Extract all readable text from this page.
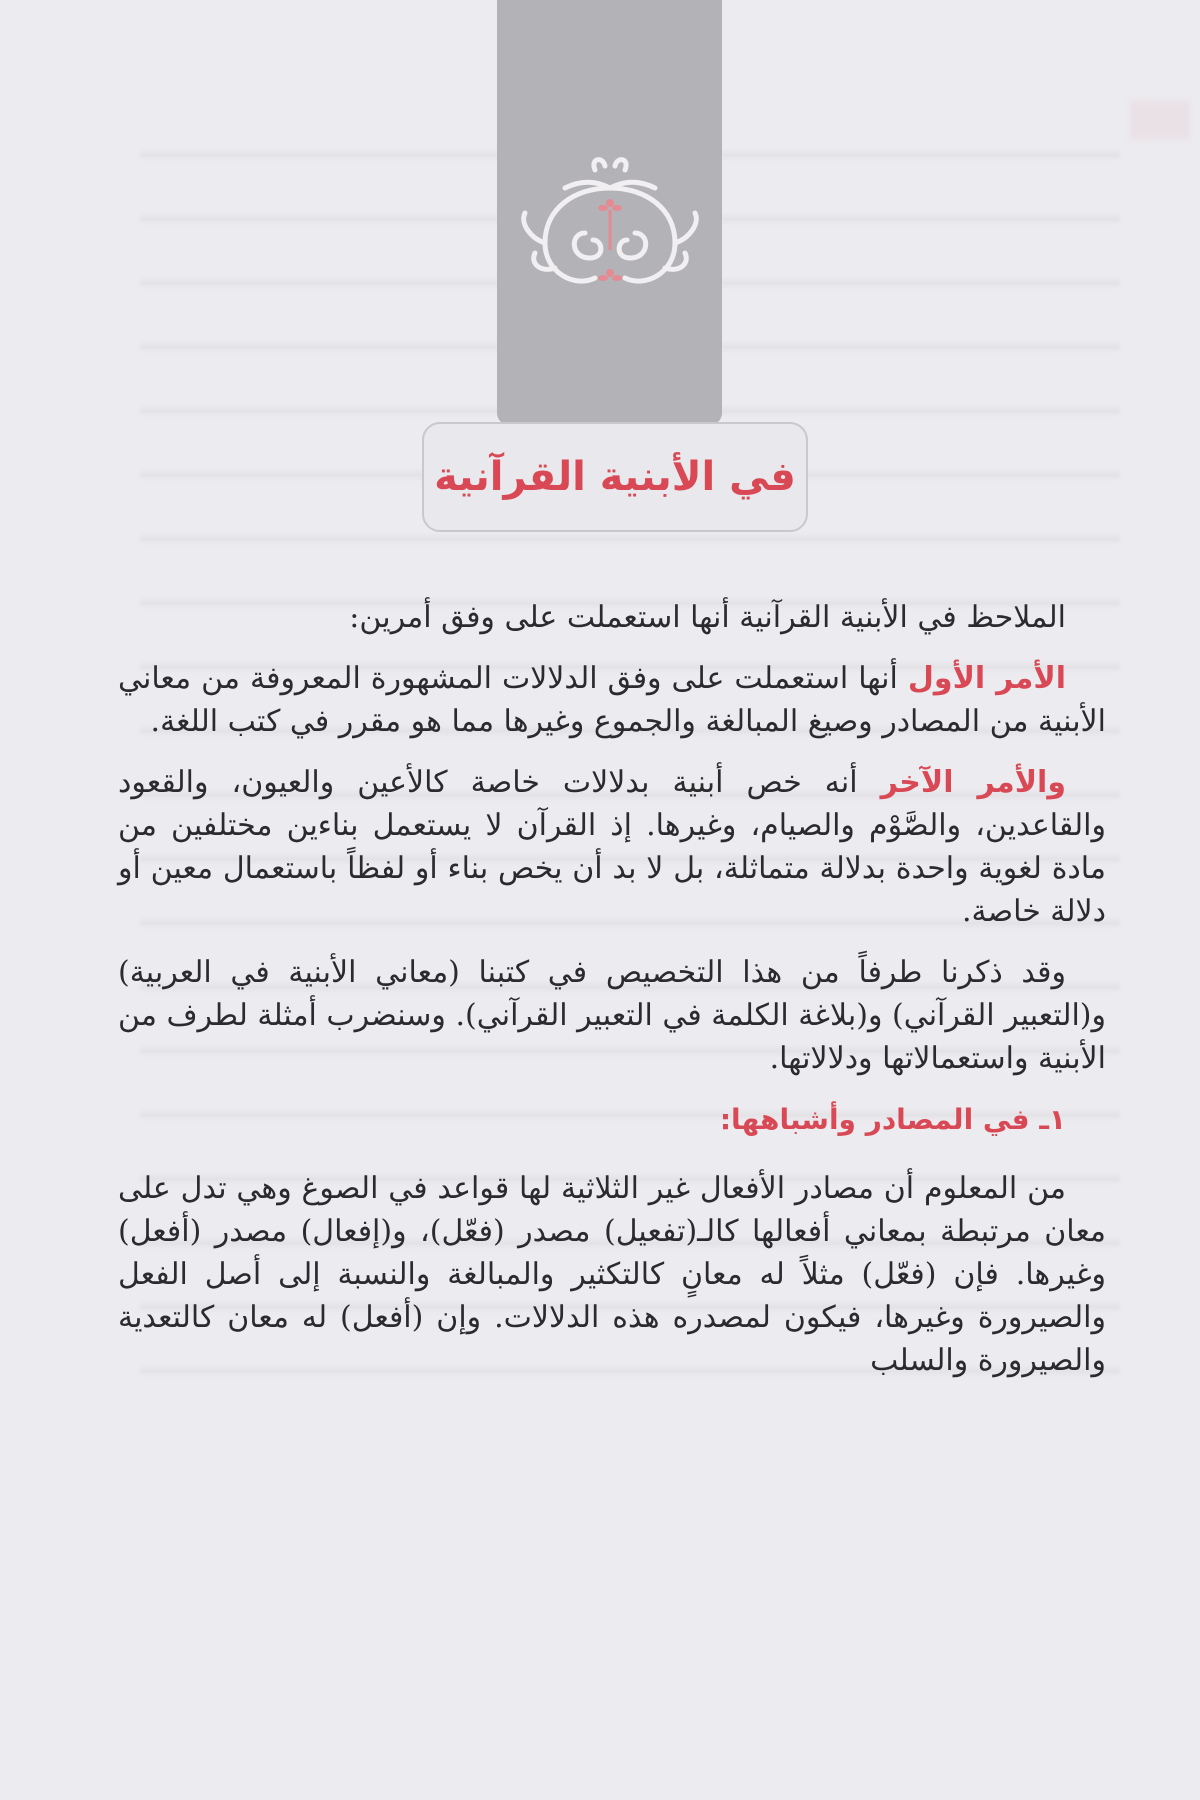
في الأبنية القرآنية

الملاحظ في الأبنية القرآنية أنها استعملت على وفق أمرين:

الأمر الأول أنها استعملت على وفق الدلالات المشهورة المعروفة من معاني الأبنية من المصادر وصيغ المبالغة والجموع وغيرها مما هو مقرر في كتب اللغة.

والأمر الآخر أنه خص أبنية بدلالات خاصة كالأعين والعيون، والقعود والقاعدين، والصَّوْم والصيام، وغيرها. إذ القرآن لا يستعمل بناءين مختلفين من مادة لغوية واحدة بدلالة متماثلة، بل لا بد أن يخص بناء أو لفظاً باستعمال معين أو دلالة خاصة.

وقد ذكرنا طرفاً من هذا التخصيص في كتبنا (معاني الأبنية في العربية) و(التعبير القرآني) و(بلاغة الكلمة في التعبير القرآني). وسنضرب أمثلة لطرف من الأبنية واستعمالاتها ودلالاتها.

١ـ في المصادر وأشباهها:

من المعلوم أن مصادر الأفعال غير الثلاثية لها قواعد في الصوغ وهي تدل على معان مرتبطة بمعاني أفعالها كالـ(تفعيل) مصدر (فعّل)، و(إفعال) مصدر (أفعل) وغيرها. فإن (فعّل) مثلاً له معانٍ كالتكثير والمبالغة والنسبة إلى أصل الفعل والصيرورة وغيرها، فيكون لمصدره هذه الدلالات. وإن (أفعل) له معان كالتعدية والصيرورة والسلب
